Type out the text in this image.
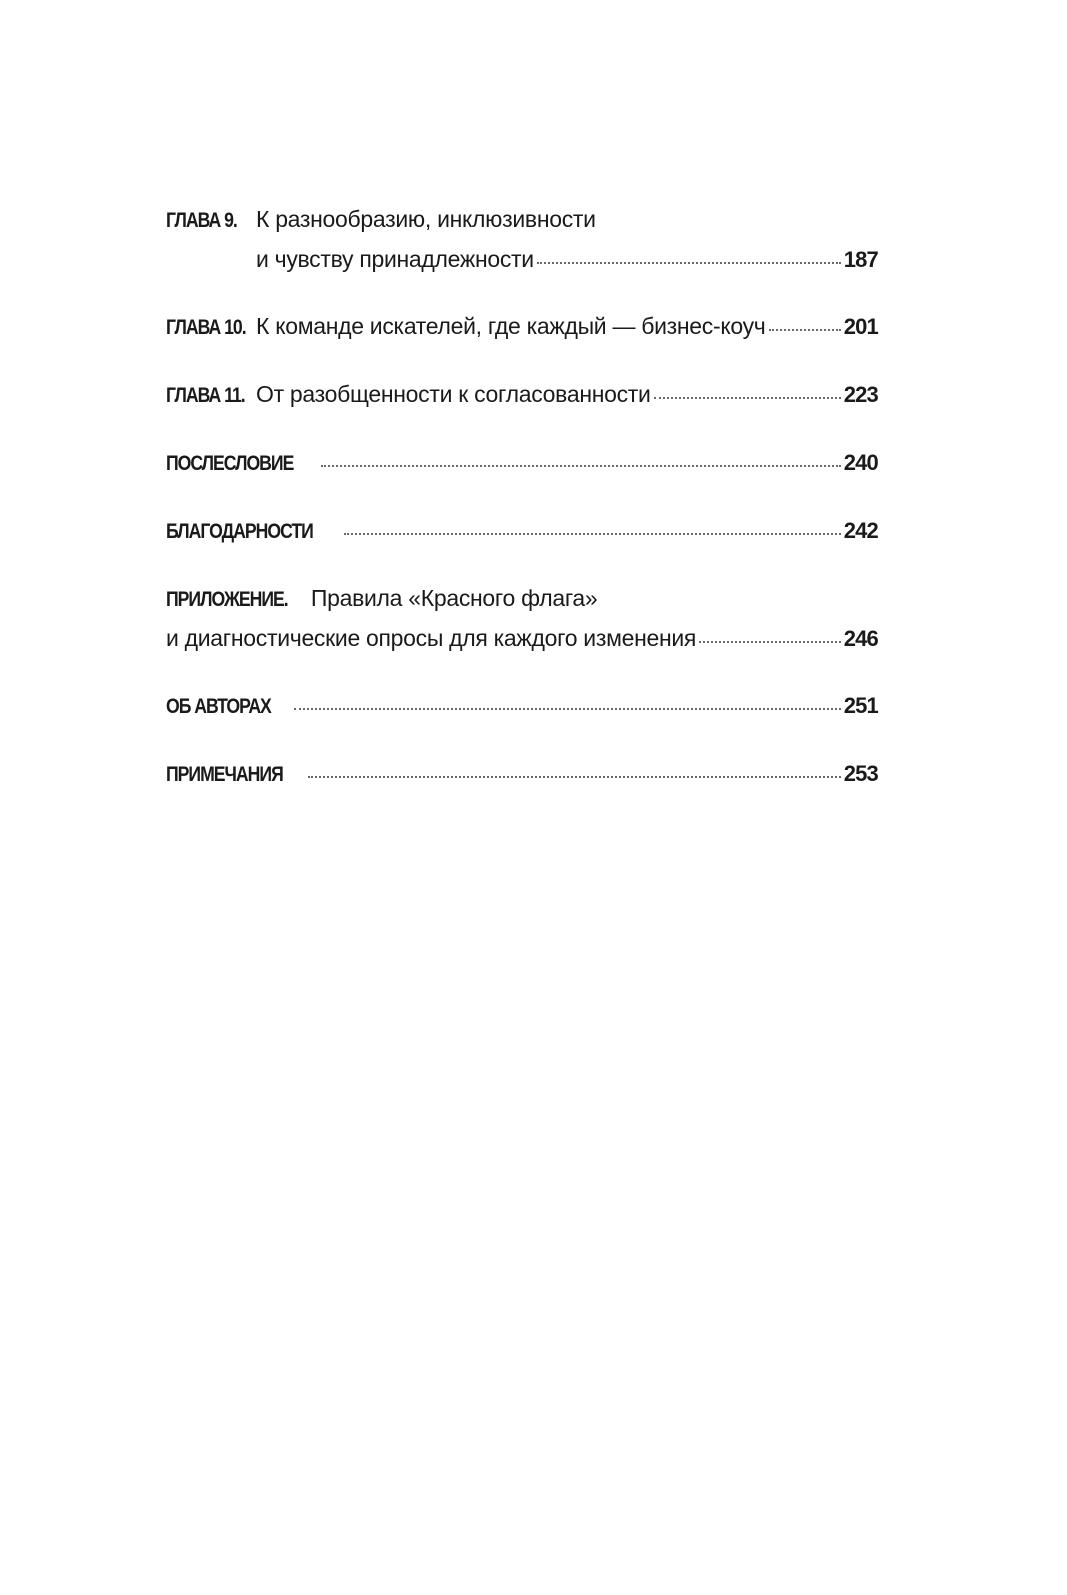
ГЛАВА 9. К разнообразию, инклюзивности
и чувству принадлежности	187
ГЛАВА 10. К команде искателей, где каждый — бизнес-коуч	201
ГЛАВА 11. От разобщенности к согласованности	223
ПОСЛЕСЛОВИЕ	240
БЛАГОДАРНОСТИ	242
ПРИЛОЖЕНИЕ.	Правила «Красного флага»
и диагностические опросы для каждого изменения	246
ОБ АВТОРАХ	251
ПРИМЕЧАНИЯ	253
